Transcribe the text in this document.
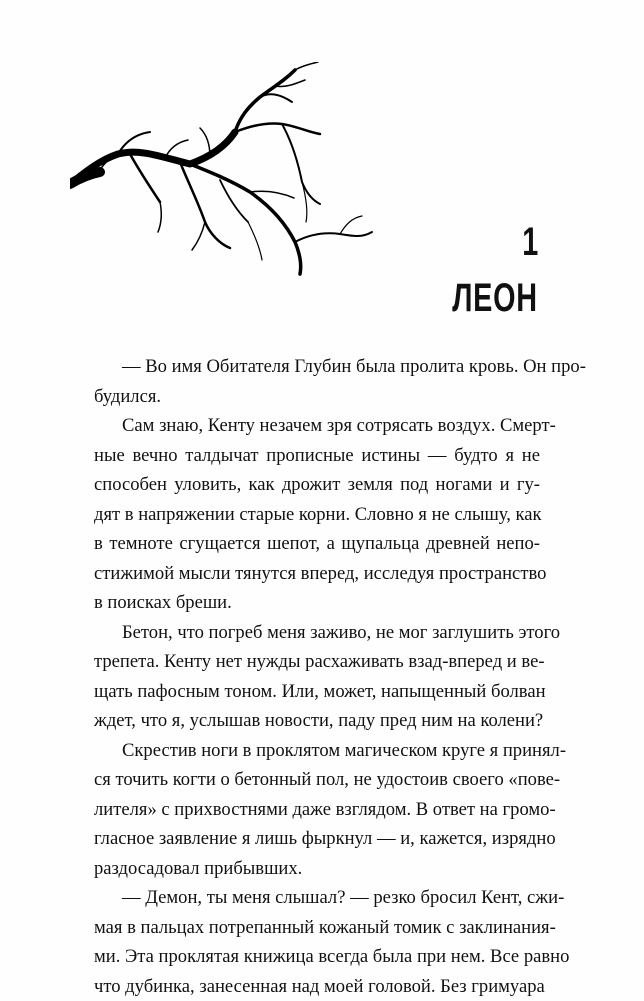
1
ЛЕОН

— Во имя Обитателя Глубин была пролита кровь. Он про-
будился.

Сам знаю, Кенту незачем зря сотрясать воздух. Смерт-
ные вечно талдычат прописные истины — будто я не
способен уловить, как дрожит земля под ногами и гу-
дят в напряжении старые корни. Словно я не слышу, как
в темноте сгущается шепот, а щупальца древней непо-
стижимой мысли тянутся вперед, исследуя пространство
в поисках бреши.

Бетон, что погреб меня заживо, не мог заглушить этого
трепета. Кенту нет нужды расхаживать взад-вперед и ве-
щать пафосным тоном. Или, может, напыщенный болван
ждет, что я, услышав новости, паду пред ним на колени?

Скрестив ноги в проклятом магическом круге я принял-
ся точить когти о бетонный пол, не удостоив своего «пове-
лителя» с прихвостнями даже взглядом. В ответ на громо-
гласное заявление я лишь фыркнул — и, кажется, изрядно
раздосадовал прибывших.

— Демон, ты меня слышал? — резко бросил Кент, сжи-
мая в пальцах потрепанный кожаный томик с заклинания-
ми. Эта проклятая книжица всегда была при нем. Все равно
что дубинка, занесенная над моей головой. Без гримуара
